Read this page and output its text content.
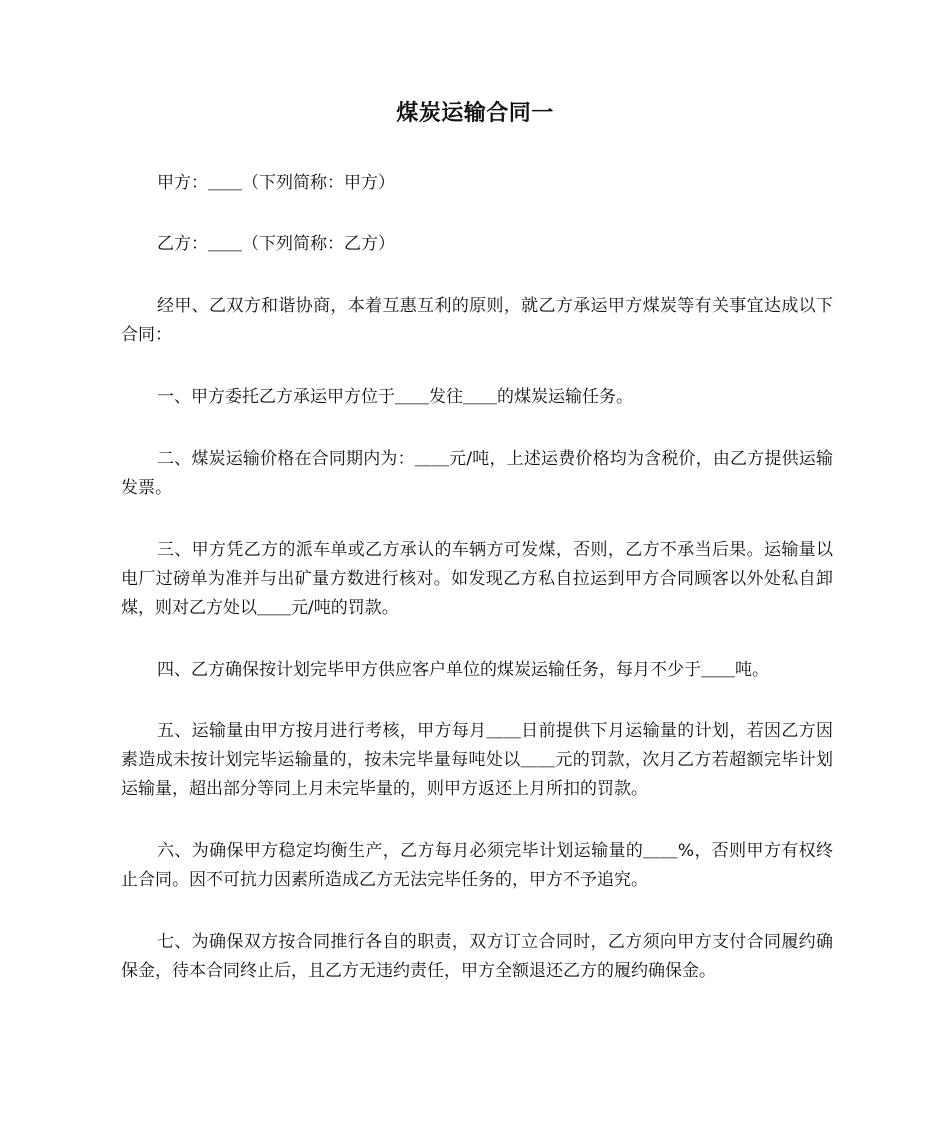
煤炭运输合同一
甲方：＿＿（下列简称：甲方）
乙方：＿＿（下列简称：乙方）
经甲、乙双方和谐协商，本着互惠互利的原则，就乙方承运甲方煤炭等有关事宜达成以下合同：
一、甲方委托乙方承运甲方位于＿＿发往＿＿的煤炭运输任务。
二、煤炭运输价格在合同期内为：＿＿元/吨，上述运费价格均为含税价，由乙方提供运输发票。
三、甲方凭乙方的派车单或乙方承认的车辆方可发煤，否则，乙方不承当后果。运输量以电厂过磅单为准并与出矿量方数进行核对。如发现乙方私自拉运到甲方合同顾客以外处私自卸煤，则对乙方处以＿＿元/吨的罚款。
四、乙方确保按计划完毕甲方供应客户单位的煤炭运输任务，每月不少于＿＿吨。
五、运输量由甲方按月进行考核，甲方每月＿＿日前提供下月运输量的计划，若因乙方因素造成未按计划完毕运输量的，按未完毕量每吨处以＿＿元的罚款，次月乙方若超额完毕计划运输量，超出部分等同上月未完毕量的，则甲方返还上月所扣的罚款。
六、为确保甲方稳定均衡生产，乙方每月必须完毕计划运输量的＿＿%，否则甲方有权终止合同。因不可抗力因素所造成乙方无法完毕任务的，甲方不予追究。
七、为确保双方按合同推行各自的职责，双方订立合同时，乙方须向甲方支付合同履约确保金，待本合同终止后，且乙方无违约责任，甲方全额退还乙方的履约确保金。
